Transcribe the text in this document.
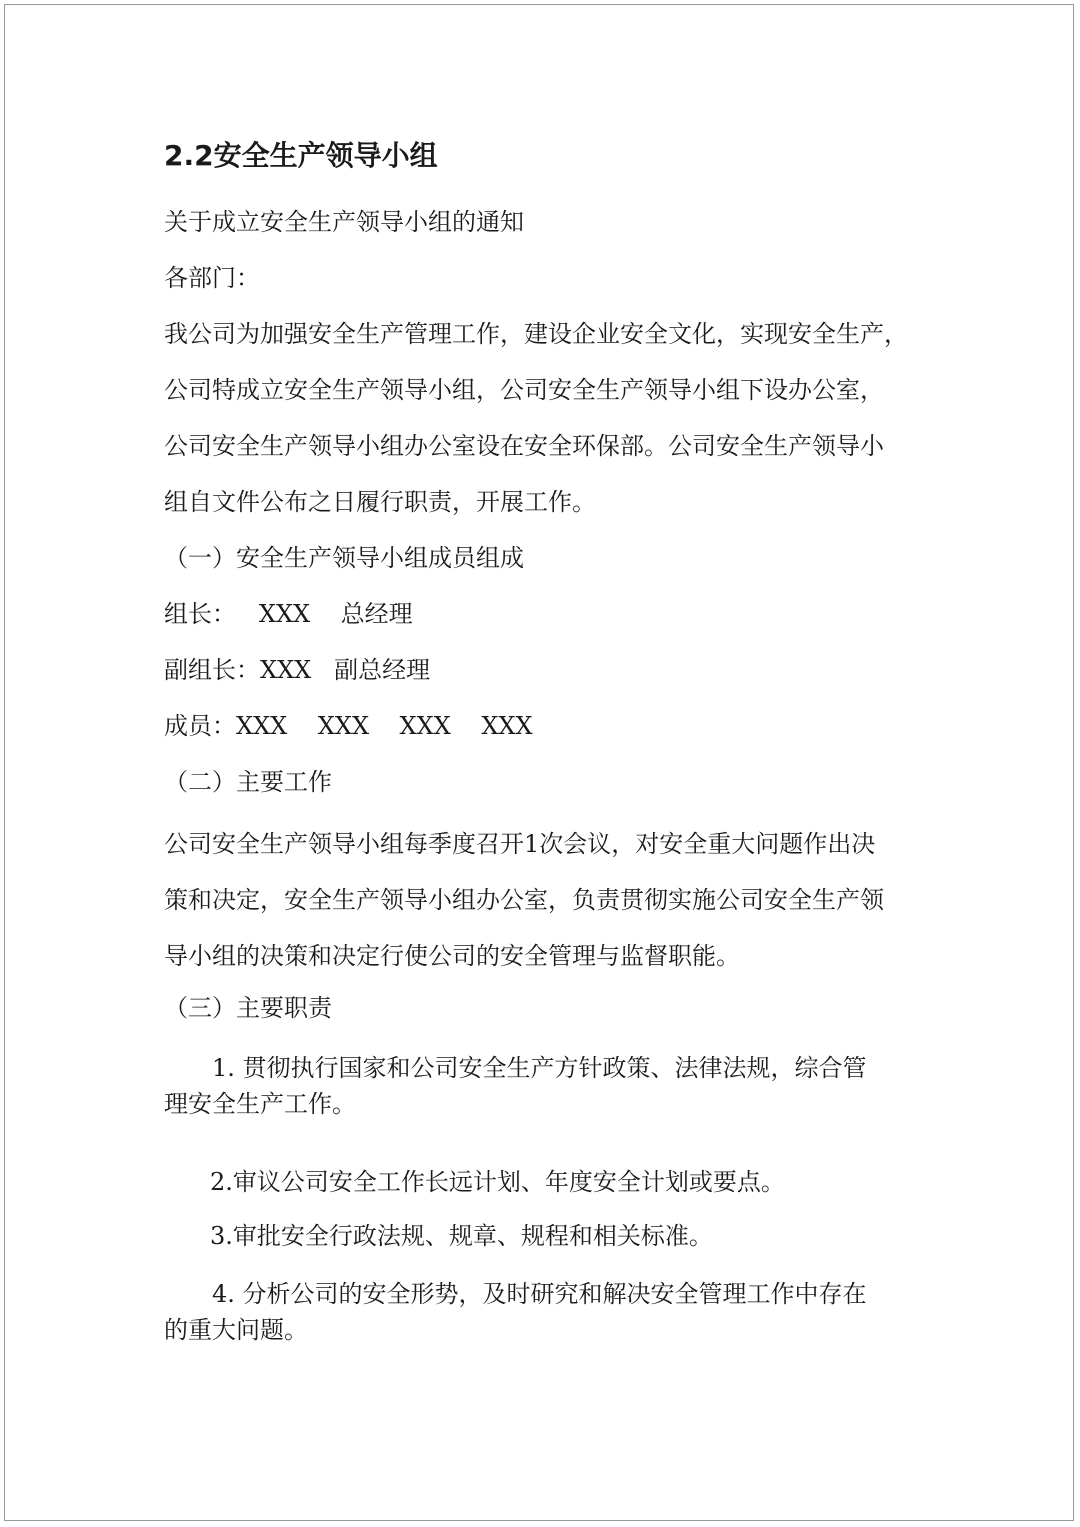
2.2安全生产领导小组
关于成立安全生产领导小组的通知
各部门：
我公司为加强安全生产管理工作，建设企业安全文化，实现安全生产，
公司特成立安全生产领导小组，公司安全生产领导小组下设办公室，
公司安全生产领导小组办公室设在安全环保部。公司安全生产领导小
组自文件公布之日履行职责，开展工作。
（一）安全生产领导小组成员组成
组长：   XXX    总经理
副组长：XXX   副总经理
成员：XXX    XXX    XXX    XXX
（二）主要工作
公司安全生产领导小组每季度召开1次会议，对安全重大问题作出决
策和决定，安全生产领导小组办公室，负责贯彻实施公司安全生产领
导小组的决策和决定行使公司的安全管理与监督职能。
（三）主要职责
1. 贯彻执行国家和公司安全生产方针政策、法律法规，综合管
理安全生产工作。
2.审议公司安全工作长远计划、年度安全计划或要点。
3.审批安全行政法规、规章、规程和相关标准。
4. 分析公司的安全形势，及时研究和解决安全管理工作中存在
的重大问题。
